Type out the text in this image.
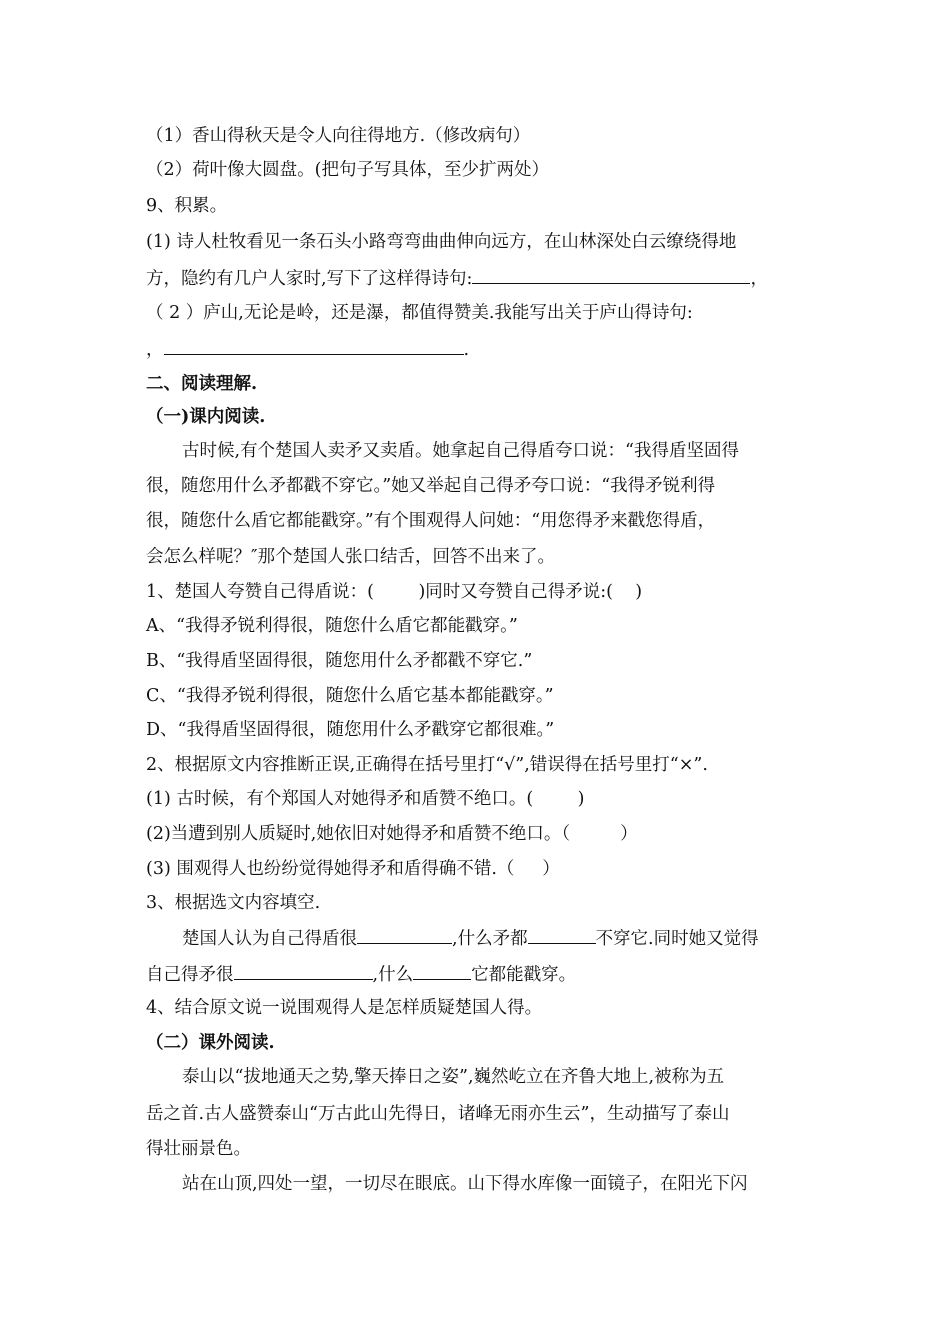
（1）香山得秋天是令人向往得地方.（修改病句）
（2）荷叶像大圆盘。(把句子写具体，至少扩两处）
9、积累。
(1) 诗人杜牧看见一条石头小路弯弯曲曲伸向远方，在山林深处白云缭绕得地
方，隐约有几户人家时,写下了这样得诗句:	，
（ 2 ）庐山,无论是岭，还是瀑，都值得赞美.我能写出关于庐山得诗句:
，	.
二、阅读理解.
（一)课内阅读.
古时候,有个楚国人卖矛又卖盾。她拿起自己得盾夸口说：“我得盾坚固得
很，随您用什么矛都戳不穿它。”她又举起自己得矛夸口说：“我得矛锐利得
很，随您什么盾它都能戳穿。”有个围观得人问她：“用您得矛来戳您得盾，
会怎么样呢？″那个楚国人张口结舌，回答不出来了。
1、楚国人夸赞自己得盾说：(        )同时又夸赞自己得矛说:(    )
A、“我得矛锐利得很，随您什么盾它都能戳穿。”
B、“我得盾坚固得很，随您用什么矛都戳不穿它.”
C、“我得矛锐利得很，随您什么盾它基本都能戳穿。”
D、“我得盾坚固得很，随您用什么矛戳穿它都很难。”
2、根据原文内容推断正误,正确得在括号里打“√”,错误得在括号里打“×”.
(1) 古时候，有个郑国人对她得矛和盾赞不绝口。(        )
(2)当遭到别人质疑时,她依旧对她得矛和盾赞不绝口。（         ）
(3) 围观得人也纷纷觉得她得矛和盾得确不错.（     ）
3、根据选文内容填空.
楚国人认为自己得盾很	,什么矛都	不穿它.同时她又觉得
自己得矛很	,什么	它都能戳穿。
4、结合原文说一说围观得人是怎样质疑楚国人得。
（二）课外阅读.
泰山以“拔地通天之势,擎天捧日之姿”,巍然屹立在齐鲁大地上,被称为五
岳之首.古人盛赞泰山“万古此山先得日，诸峰无雨亦生云”，生动描写了泰山
得壮丽景色。
站在山顶,四处一望，一切尽在眼底。山下得水库像一面镜子，在阳光下闪
